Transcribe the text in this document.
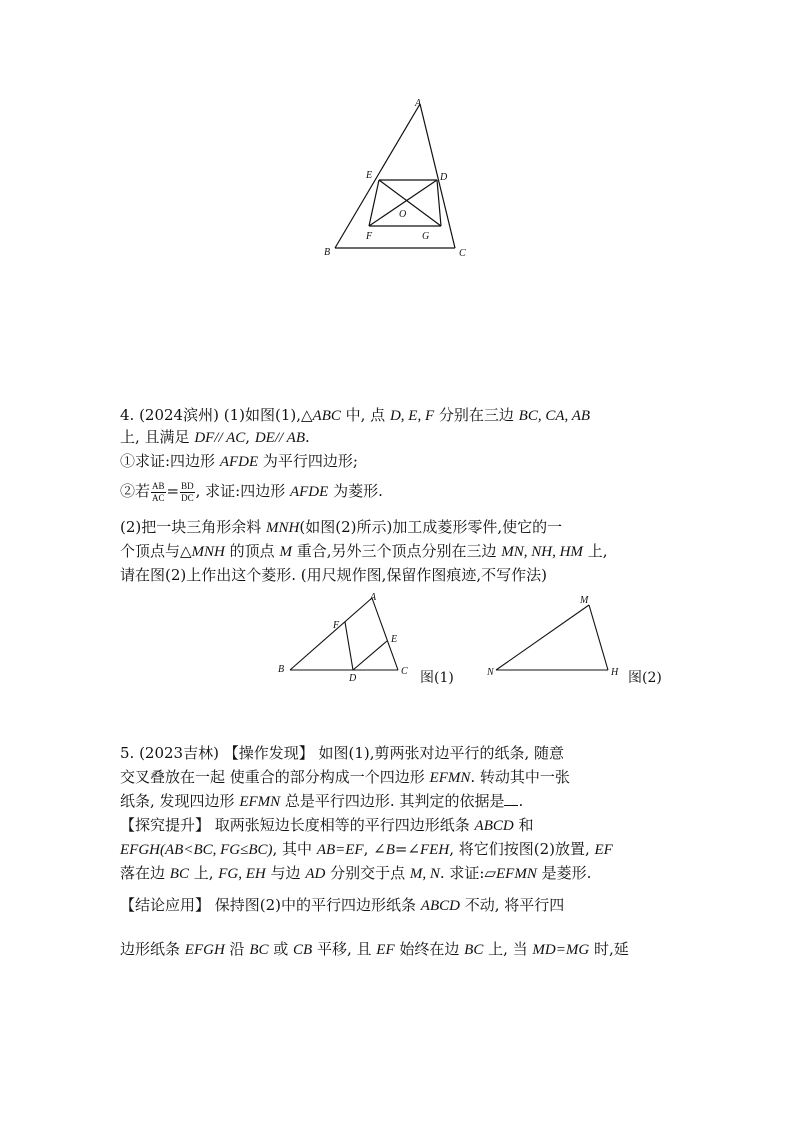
A
B	C
D
E
F	G
O
4. (2024滨州) (1)如图(1),△ABC 中, 点 D, E, F 分别在三边 BC, CA, AB
上, 且满足 DF// AC, DE// AB.
①求证:四边形 AFDE 为平行四边形;
②若 $\frac{AB}{AC} = \frac{BD}{DC}$ , 求证:四边形 AFDE 为菱形.
(2)把一块三角形余料 MNH(如图(2)所示)加工成菱形零件,使它的一
个顶点与△MNH 的顶点 M 重合,另外三个顶点分别在三边 MN, NH, HM 上,
请在图(2)上作出这个菱形. (用尺规作图,保留作图痕迹,不写作法)
A
B	C
D
E
F
图(1)
M
N	H 图(2)
5. (2023吉林) 【操作发现】 如图(1),剪两张对边平行的纸条, 随意
交叉叠放在一起 使重合的部分构成一个四边形 EFMN. 转动其中一张
纸条, 发现四边形 EFMN 总是平行四边形. 其判定的依据是 .
【探究提升】 取两张短边长度相等的平行四边形纸条 ABCD 和
EFGH(AB<BC, FG≤BC), 其中 AB=EF, ∠B=∠FEH, 将它们按图(2)放置, EF
落在边 BC 上, FG, EH 与边 AD 分别交于点 M, N. 求证:▱EFMN 是菱形.
【结论应用】 保持图(2)中的平行四边形纸条 ABCD 不动, 将平行四
边形纸条 EFGH 沿 BC 或 CB 平移, 且 EF 始终在边 BC 上, 当 MD=MG 时,延
